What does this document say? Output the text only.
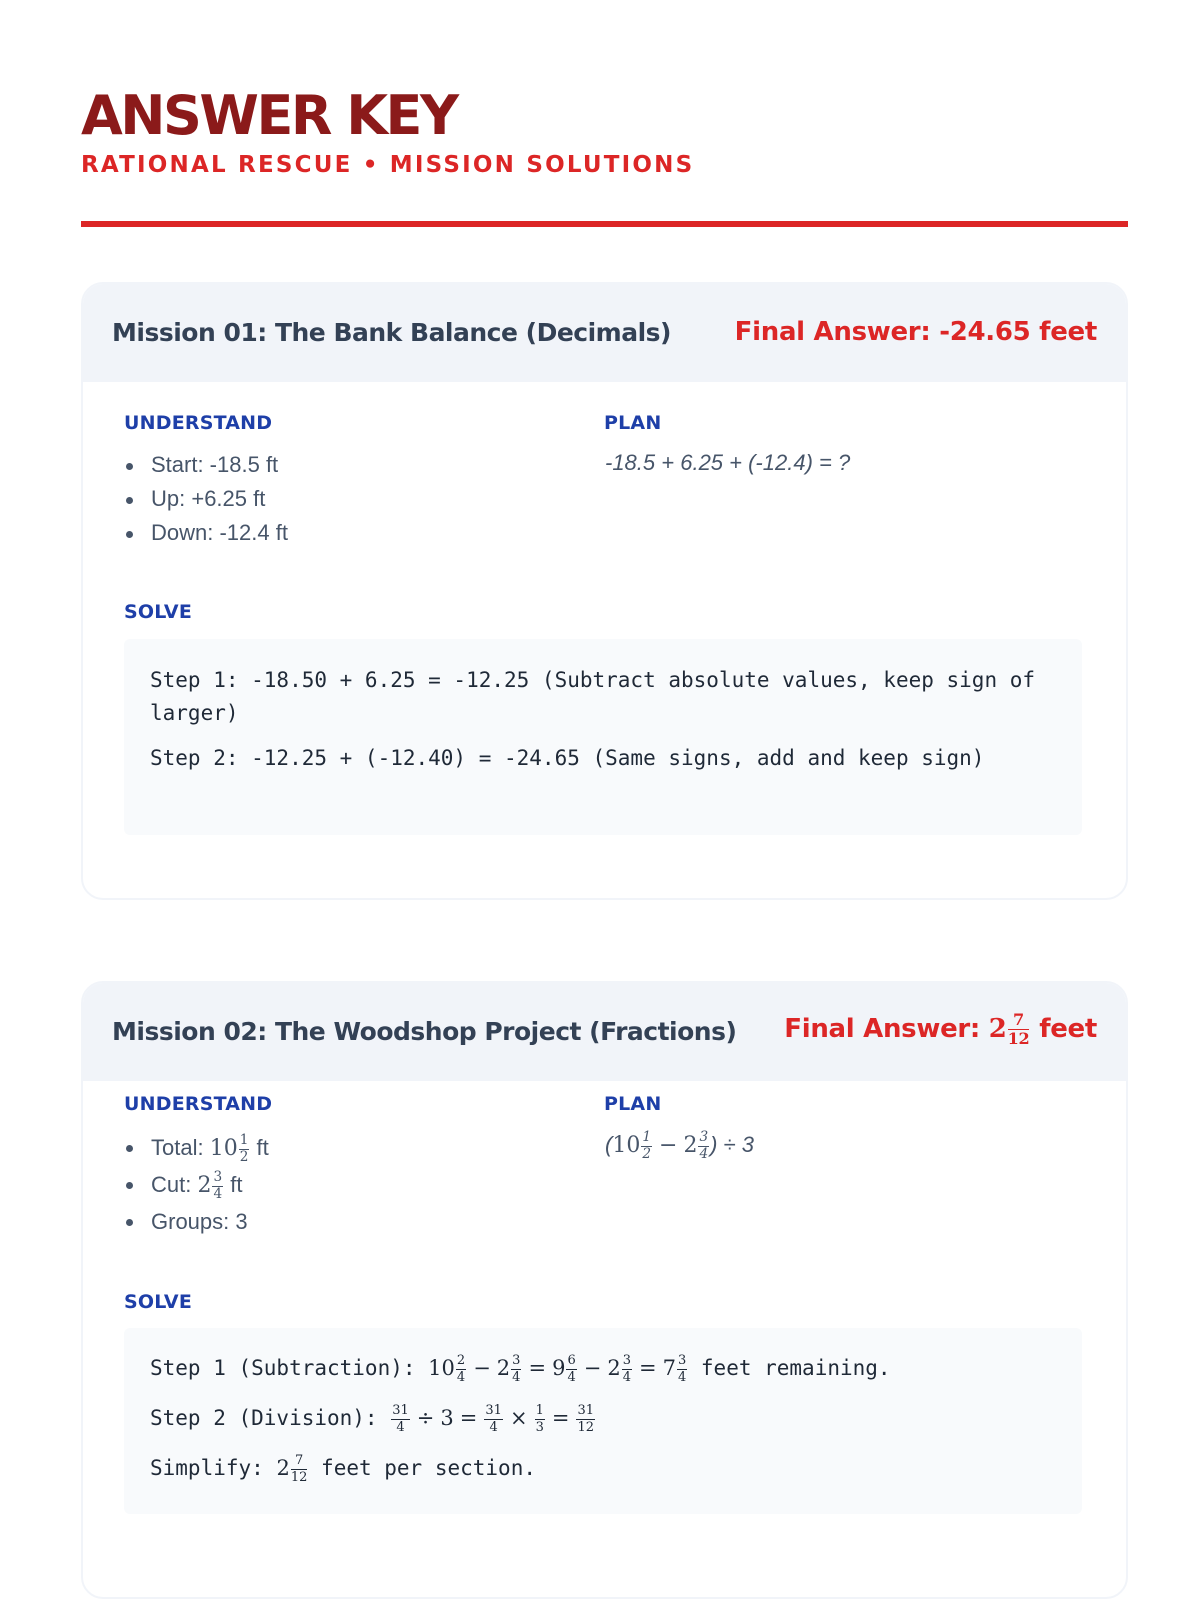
ANSWER KEY
RATIONAL RESCUE • MISSION SOLUTIONS
Mission 01: The Bank Balance (Decimals) Final Answer: -24.65 feet
UNDERSTAND
Start: -18.5 ft
Up: +6.25 ft
Down: -12.4 ft
PLAN
-18.5 + 6.25 + (-12.4) = ?
SOLVE
Step 1: -18.50 + 6.25 = -12.25 (Subtract absolute values, keep sign of larger)
Step 2: -12.25 + (-12.40) = -24.65 (Same signs, add and keep sign)
Mission 02: The Woodshop Project (Fractions) Final Answer: $2 \frac{7}{12}$ feet
UNDERSTAND
Total: $10 \frac{1}{2}$ ft
Cut: $2 \frac{3}{4}$ ft
Groups: 3
PLAN
($10 \frac{1}{2} - 2 \frac{3}{4}$ ) ÷ 3
SOLVE
Step 1 (Subtraction): $10 \frac{2}{4} - 2 \frac{3}{4} = 9 \frac{6}{4} - 2 \frac{3}{4} = 7 \frac{3}{4}$ feet remaining.
Step 2 (Division): $\frac{31}{4} \div 3 = \frac{31}{4} \times \frac{1}{3} = \frac{31}{12}$
Simplify: $2 \frac{7}{12}$ feet per section.
